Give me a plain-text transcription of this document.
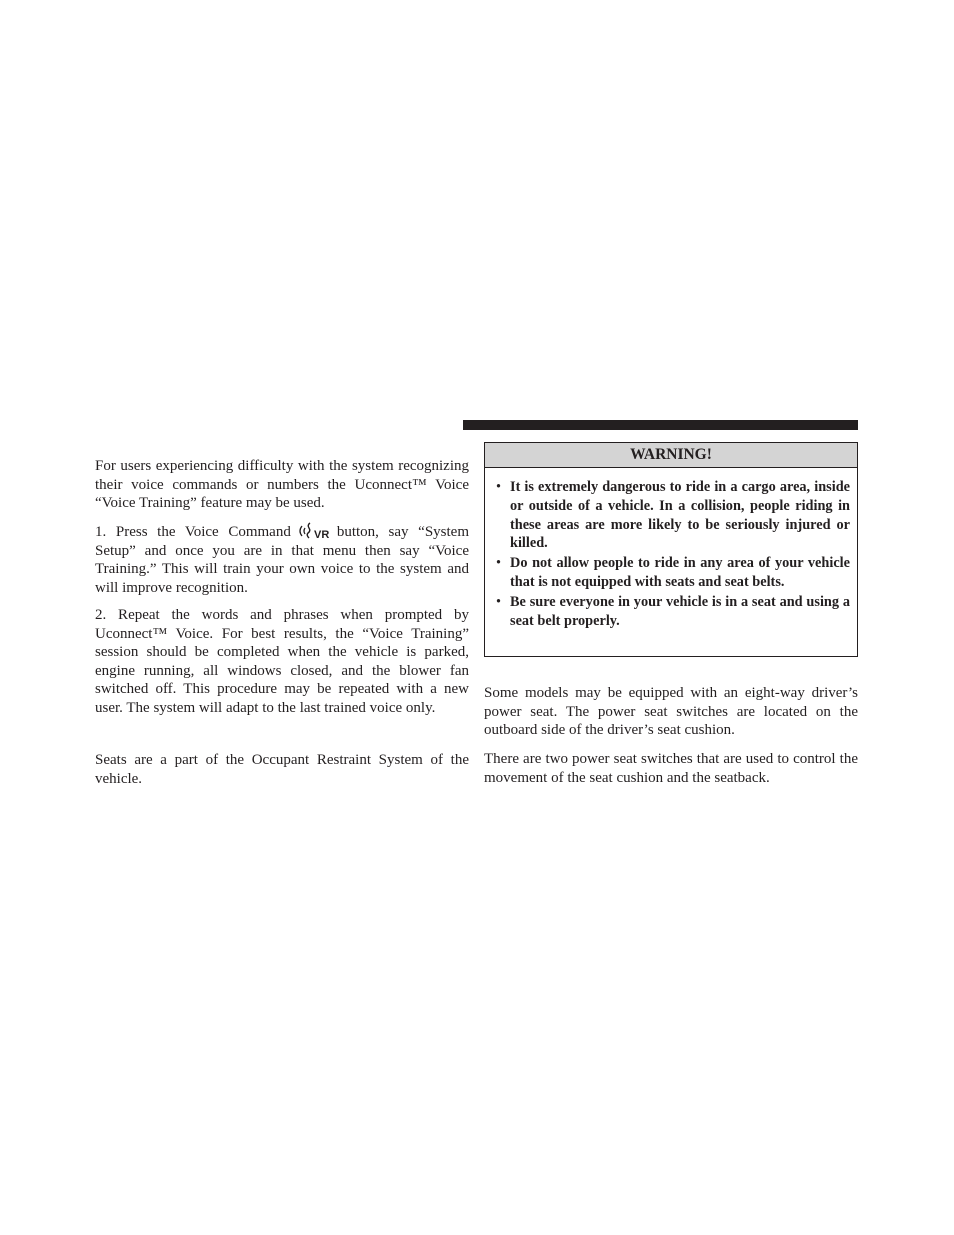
For users experiencing difficulty with the system recognizing their voice commands or numbers the Uconnect™ Voice “Voice Training” feature may be used.

1. Press the Voice Command VR button, say “System Setup” and once you are in that menu then say “Voice Training.” This will train your own voice to the system and will improve recognition.

2. Repeat the words and phrases when prompted by Uconnect™ Voice. For best results, the “Voice Training” session should be completed when the vehicle is parked, engine running, all windows closed, and the blower fan switched off. This procedure may be repeated with a new user. The system will adapt to the last trained voice only.

Seats are a part of the Occupant Restraint System of the vehicle.

WARNING!
• It is extremely dangerous to ride in a cargo area, inside or outside of a vehicle. In a collision, people riding in these areas are more likely to be seriously injured or killed.
• Do not allow people to ride in any area of your vehicle that is not equipped with seats and seat belts.
• Be sure everyone in your vehicle is in a seat and using a seat belt properly.

Some models may be equipped with an eight-way driver’s power seat. The power seat switches are located on the outboard side of the driver’s seat cushion.

There are two power seat switches that are used to control the movement of the seat cushion and the seatback.
